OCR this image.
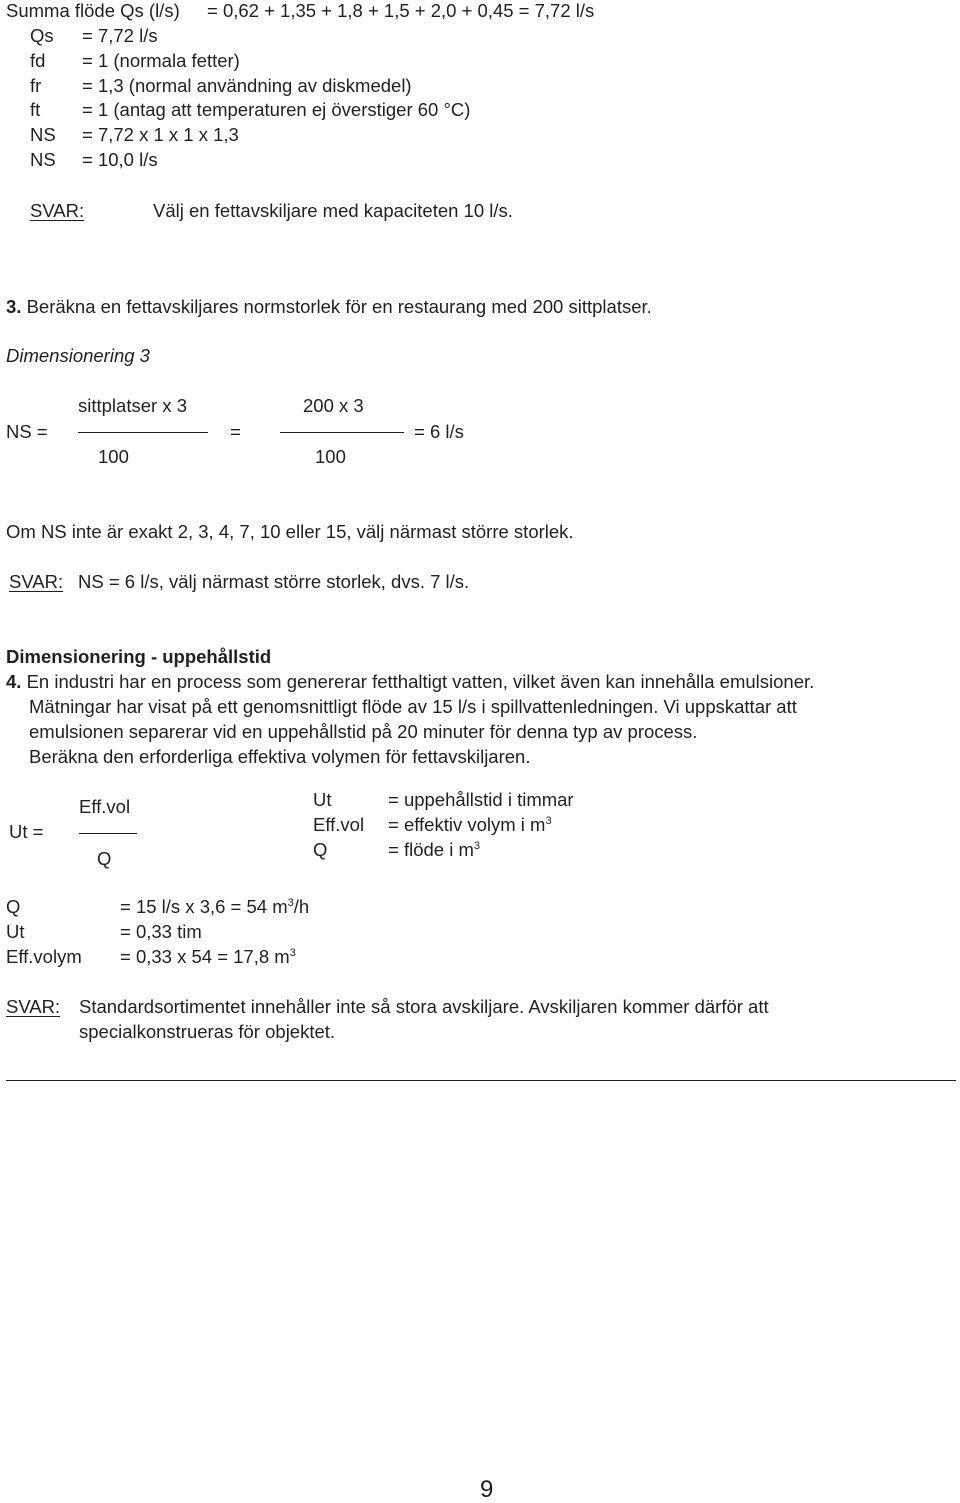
Summa flöde Qs (l/s) = 0,62 + 1,35 + 1,8 + 1,5 + 2,0 + 0,45 = 7,72 l/s
Qs = 7,72 l/s
fd = 1 (normala fetter)
fr = 1,3 (normal användning av diskmedel)
ft = 1 (antag att temperaturen ej överstiger 60 °C)
NS = 7,72 x 1 x 1 x 1,3
NS = 10,0 l/s
SVAR:	Välj en fettavskiljare med kapaciteten 10 l/s.
3. Beräkna en fettavskiljares normstorlek för en restaurang med 200 sittplatser.
Dimensionering 3
sittplatser x 3	200 x 3
NS =	=	= 6 l/s
100	100
Om NS inte är exakt 2, 3, 4, 7, 10 eller 15, välj närmast större storlek.
SVAR: NS = 6 l/s, välj närmast större storlek, dvs. 7 l/s.
Dimensionering - uppehållstid
4. En industri har en process som genererar fetthaltigt vatten, vilket även kan innehålla emulsioner.
Mätningar har visat på ett genomsnittligt flöde av 15 l/s i spillvattenledningen. Vi uppskattar att
emulsionen separerar vid en uppehållstid på 20 minuter för denna typ av process.
Beräkna den erforderliga effektiva volymen för fettavskiljaren.
Eff.vol
Ut =
Q
Ut	= uppehållstid i timmar
Eff.vol = effektiv volym i $m^3$
Q	= flöde i $m^3$
Q	= 15 l/s x 3,6 = 54 $m^3/h$
Ut	= 0,33 tim
Eff.volym = 0,33 x 54 = 17,8 $m^3$
SVAR: Standardsortimentet innehåller inte så stora avskiljare. Avskiljaren kommer därför att
specialkonstrueras för objektet.
9
